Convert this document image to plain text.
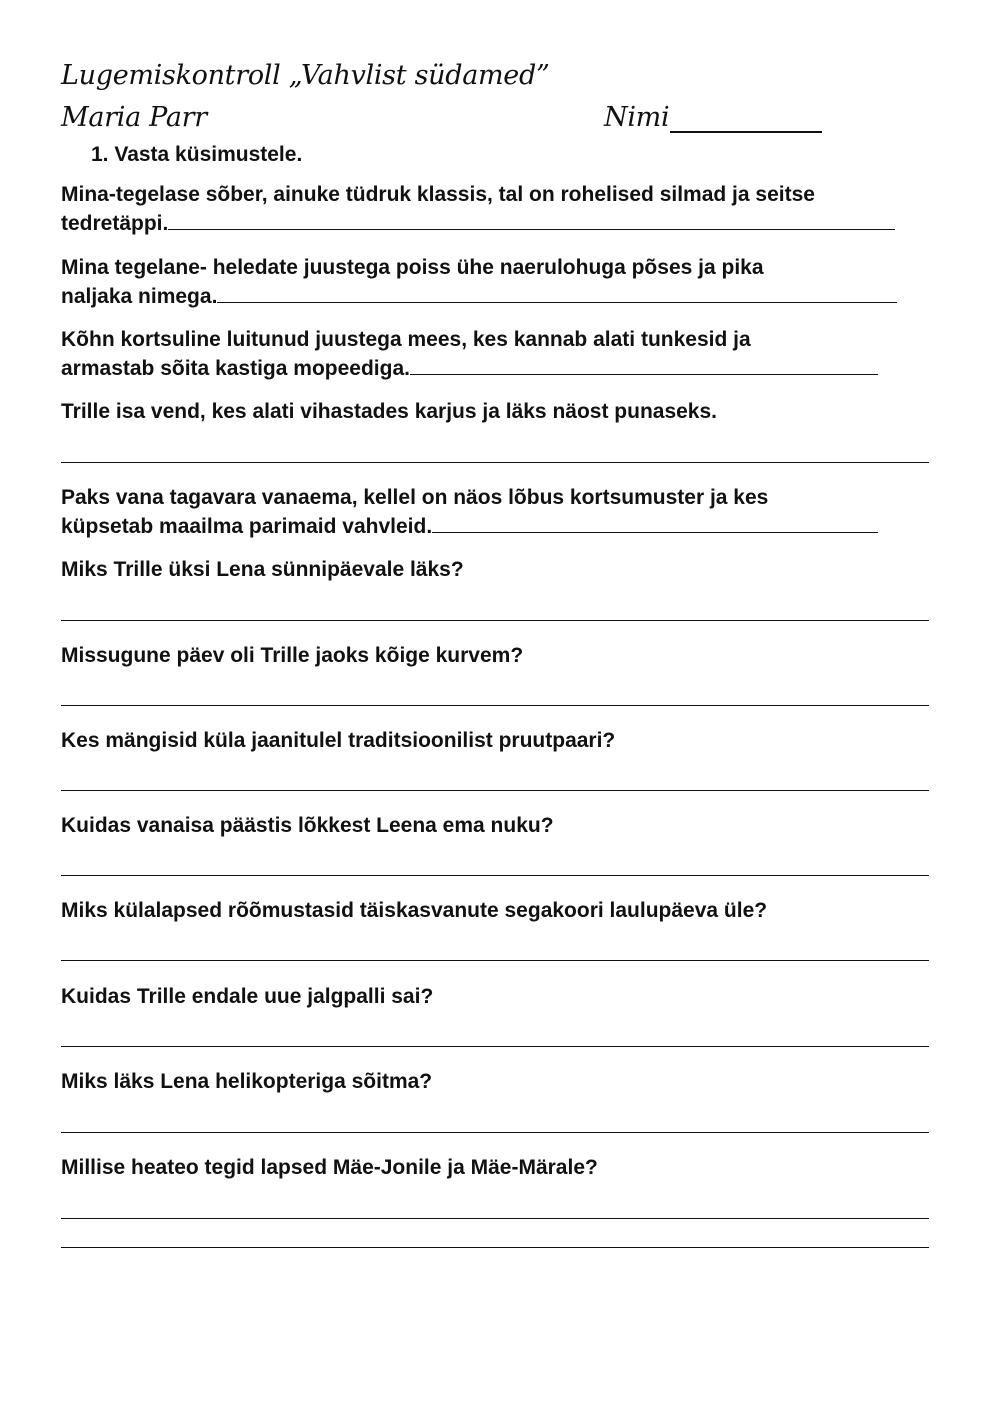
Lugemiskontroll „Vahvlist südamed”
Maria Parr	Nimi
1. Vasta küsimustele.
Mina-tegelase sõber, ainuke tüdruk klassis, tal on rohelised silmad ja seitse
tedretäppi.
Mina tegelane- heledate juustega poiss ühe naerulohuga põses ja pika
naljaka nimega.
Kõhn kortsuline luitunud juustega mees, kes kannab alati tunkesid ja
armastab sõita kastiga mopeediga.
Trille isa vend, kes alati vihastades karjus ja läks näost punaseks.
Paks vana tagavara vanaema, kellel on näos lõbus kortsumuster ja kes
küpsetab maailma parimaid vahvleid.
Miks Trille üksi Lena sünnipäevale läks?
Missugune päev oli Trille jaoks kõige kurvem?
Kes mängisid küla jaanitulel traditsioonilist pruutpaari?
Kuidas vanaisa päästis lõkkest Leena ema nuku?
Miks külalapsed rõõmustasid täiskasvanute segakoori laulupäeva üle?
Kuidas Trille endale uue jalgpalli sai?
Miks läks Lena helikopteriga sõitma?
Millise heateo tegid lapsed Mäe-Jonile ja Mäe-Märale?
